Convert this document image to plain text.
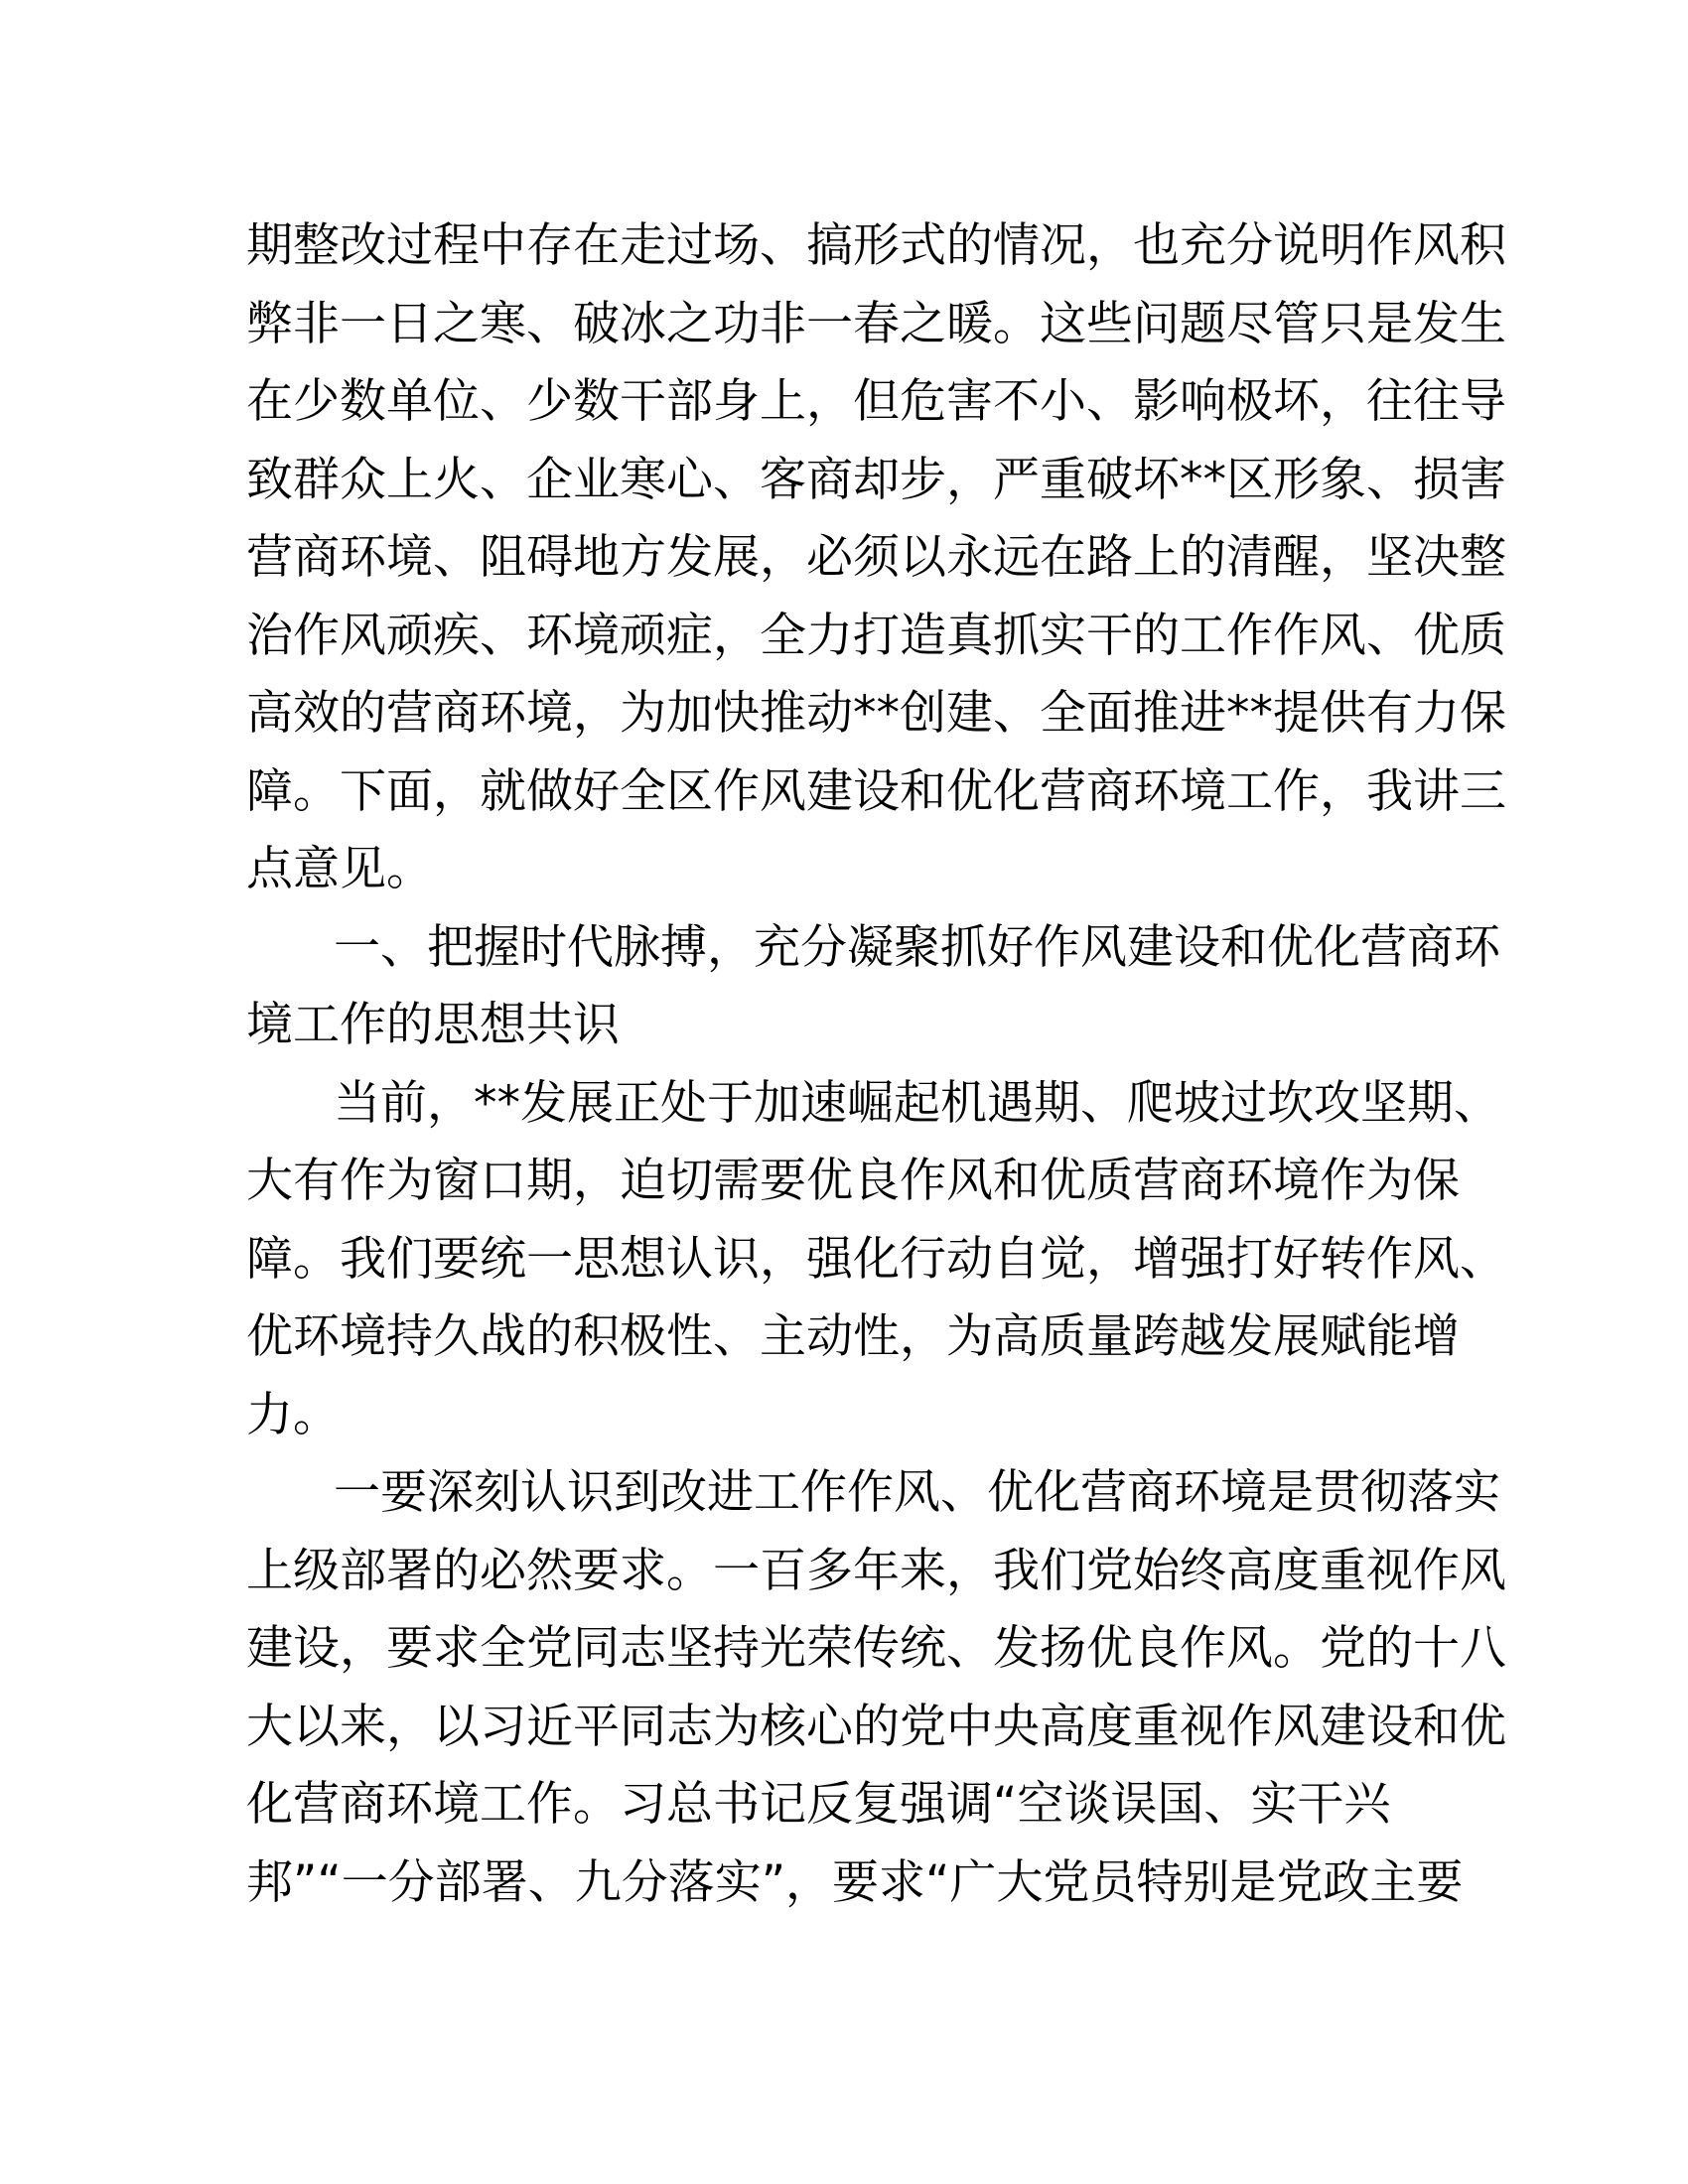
期整改过程中存在走过场、搞形式的情况，也充分说明作风积
弊非一日之寒、破冰之功非一春之暖。这些问题尽管只是发生
在少数单位、少数干部身上，但危害不小、影响极坏，往往导
致群众上火、企业寒心、客商却步，严重破坏**区形象、损害
营商环境、阻碍地方发展，必须以永远在路上的清醒，坚决整
治作风顽疾、环境顽症，全力打造真抓实干的工作作风、优质
高效的营商环境，为加快推动**创建、全面推进**提供有力保
障。下面，就做好全区作风建设和优化营商环境工作，我讲三
点意见。
一、把握时代脉搏，充分凝聚抓好作风建设和优化营商环
境工作的思想共识
当前，**发展正处于加速崛起机遇期、爬坡过坎攻坚期、
大有作为窗口期，迫切需要优良作风和优质营商环境作为保
障。我们要统一思想认识，强化行动自觉，增强打好转作风、
优环境持久战的积极性、主动性，为高质量跨越发展赋能增
力。
一要深刻认识到改进工作作风、优化营商环境是贯彻落实
上级部署的必然要求。一百多年来，我们党始终高度重视作风
建设，要求全党同志坚持光荣传统、发扬优良作风。党的十八
大以来，以习近平同志为核心的党中央高度重视作风建设和优
化营商环境工作。习总书记反复强调“空谈误国、实干兴
邦”“一分部署、九分落实”，要求“广大党员特别是党政主要
